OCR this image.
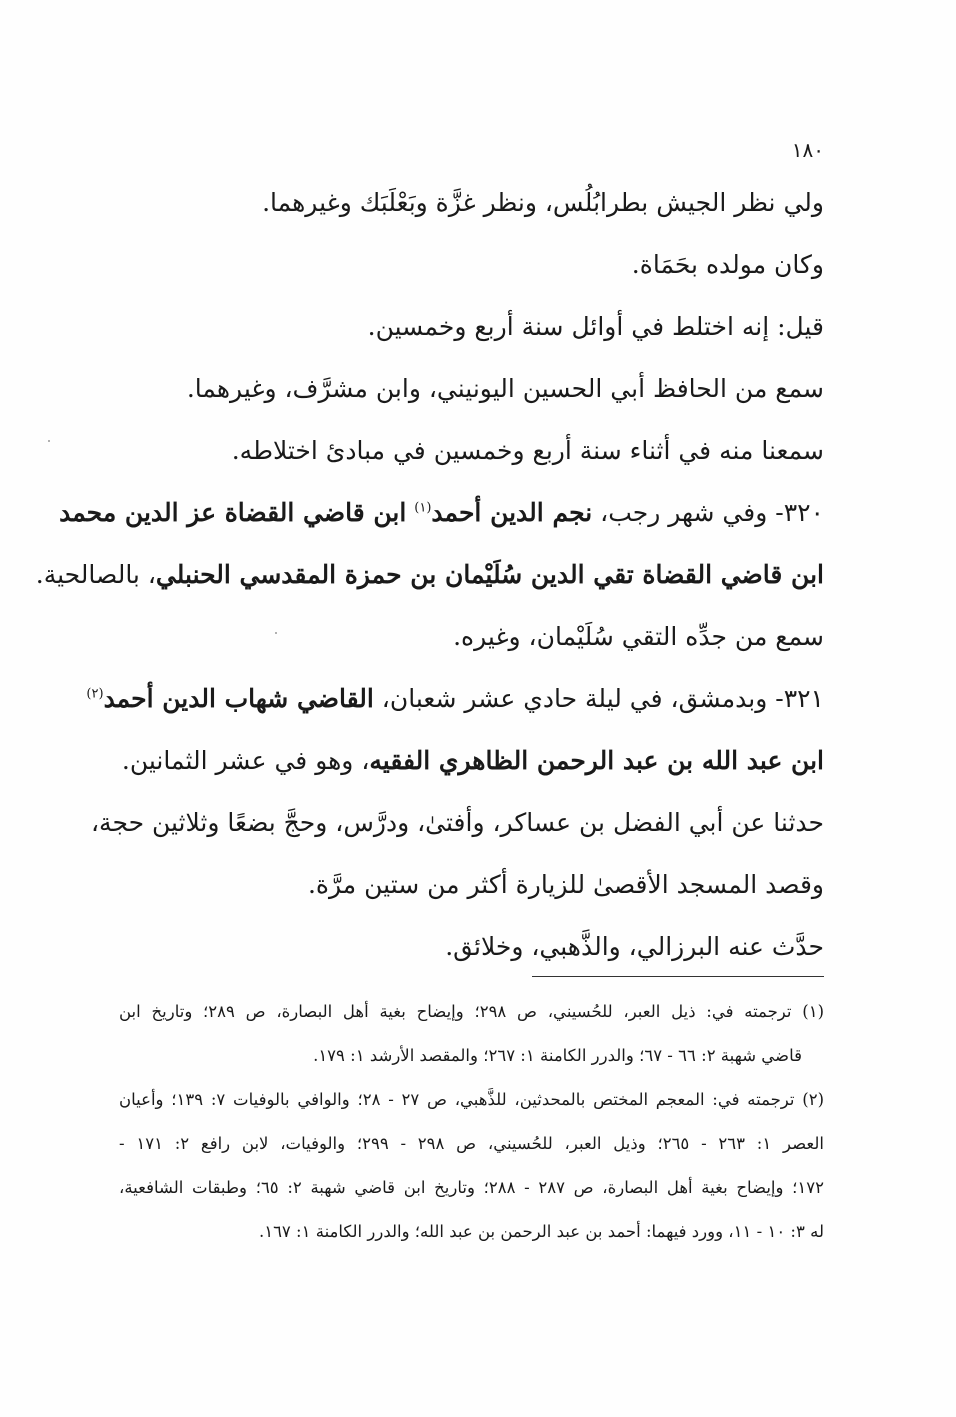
١٨٠
ولي نظر الجيش بطرابُلُس، ونظر غزَّة وبَعْلَبَك وغيرهما.
وكان مولده بحَمَاة.
قيل: إنه اختلط في أوائل سنة أربع وخمسين.
سمع من الحافظ أبي الحسين اليونيني، وابن مشرَّف، وغيرهما.
سمعنا منه في أثناء سنة أربع وخمسين في مبادئ اختلاطه.
٣٢٠- وفي شهر رجب، نجم الدين أحمد$^{(١)}$ ابن قاضي القضاة عز الدين محمد
ابن قاضي القضاة تقي الدين سُلَيْمان بن حمزة المقدسي الحنبلي، بالصالحية.
سمع من جدِّه التقي سُلَيْمان، وغيره.
٣٢١- وبدمشق، في ليلة حادي عشر شعبان، القاضي شهاب الدين أحمد$^{(٢)}$
ابن عبد الله بن عبد الرحمن الظاهري الفقيه، وهو في عشر الثمانين.
حدثنا عن أبي الفضل بن عساكر، وأفتىٰ، ودرَّس، وحجَّ بضعًا وثلاثين حجة،
وقصد المسجد الأقصىٰ للزيارة أكثر من ستين مرَّة.
حدَّث عنه البرزالي، والذَّهبي، وخلائق.
(١) ترجمته في: ذيل العبر، للحُسيني، ص ٢٩٨؛ وإيضاح بغية أهل البصارة، ص ٢٨٩؛ وتاريخ ابن
قاضي شهبة ٢: ٦٦ - ٦٧؛ والدرر الكامنة ١: ٢٦٧؛ والمقصد الأرشد ١: ١٧٩.
(٢) ترجمته في: المعجم المختص بالمحدثين، للذَّهبي، ص ٢٧ - ٢٨؛ والوافي بالوفيات ٧: ١٣٩؛ وأعيان
العصر ١: ٢٦٣ - ٢٦٥؛ وذيل العبر، للحُسيني، ص ٢٩٨ - ٢٩٩؛ والوفيات، لابن رافع ٢: ١٧١ -
١٧٢؛ وإيضاح بغية أهل البصارة، ص ٢٨٧ - ٢٨٨؛ وتاريخ ابن قاضي شهبة ٢: ٦٥؛ وطبقات الشافعية،
له ٣: ١٠ - ١١، وورد فيهما: أحمد بن عبد الرحمن بن عبد الله؛ والدرر الكامنة ١: ١٦٧.
